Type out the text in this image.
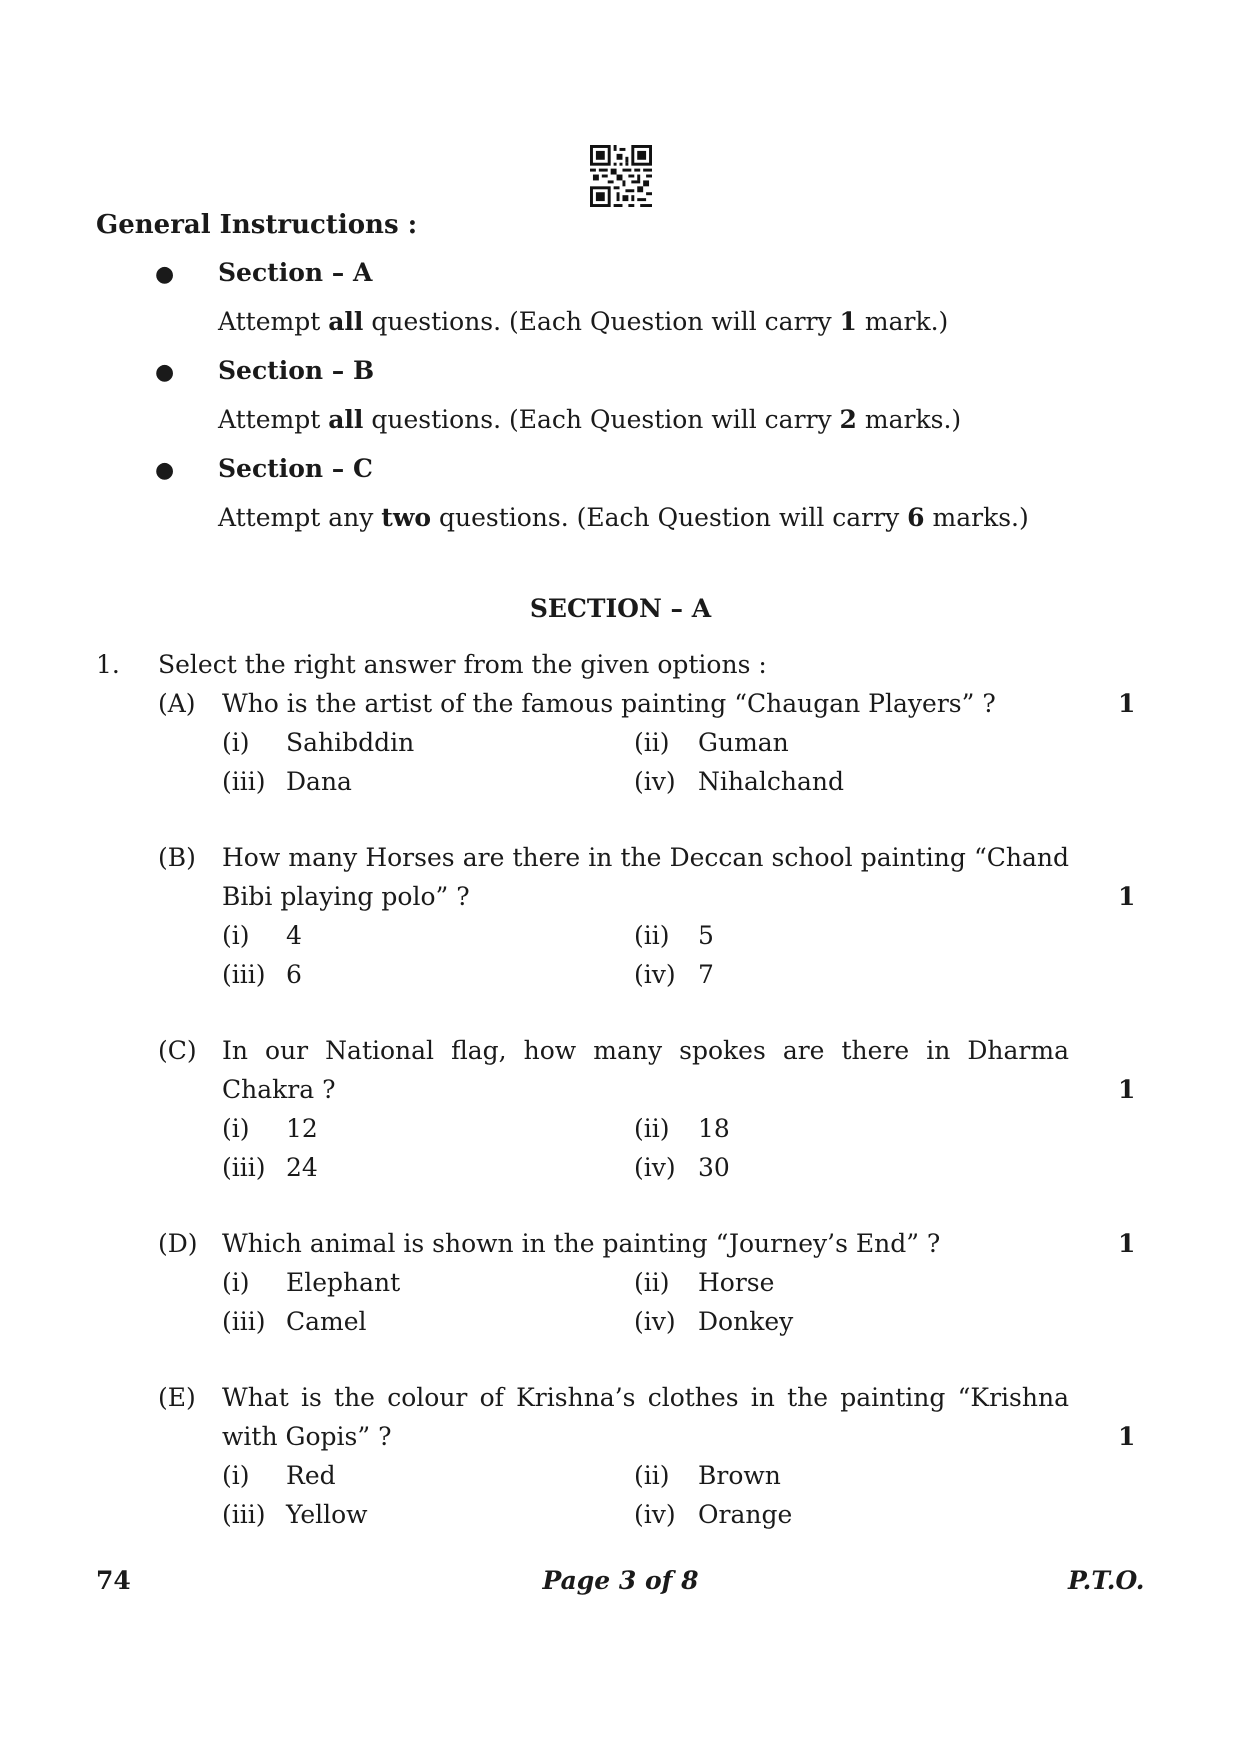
General Instructions :
● Section – A
Attempt all questions. (Each Question will carry 1 mark.)
● Section – B
Attempt all questions. (Each Question will carry 2 marks.)
● Section – C
Attempt any two questions. (Each Question will carry 6 marks.)
SECTION – A
1. Select the right answer from the given options :
(A) Who is the artist of the famous painting “Chaugan Players” ?	1
(i) Sahibddin	(ii) Guman
(iii) Dana	(iv) Nihalchand
(B) How many Horses are there in the Deccan school painting “Chand
Bibi playing polo” ?	1
(i) 4	(ii) 5
(iii) 6	(iv) 7
(C) In our National flag, how many spokes are there in Dharma
Chakra ?	1
(i) 12	(ii) 18
(iii) 24	(iv) 30
(D) Which animal is shown in the painting “Journey’s End” ?	1
(i) Elephant	(ii) Horse
(iii) Camel	(iv) Donkey
(E) What is the colour of Krishna’s clothes in the painting “Krishna
with Gopis” ?	1
(i) Red	(ii) Brown
(iii) Yellow	(iv) Orange
74	Page 3 of 8	P.T.O.
